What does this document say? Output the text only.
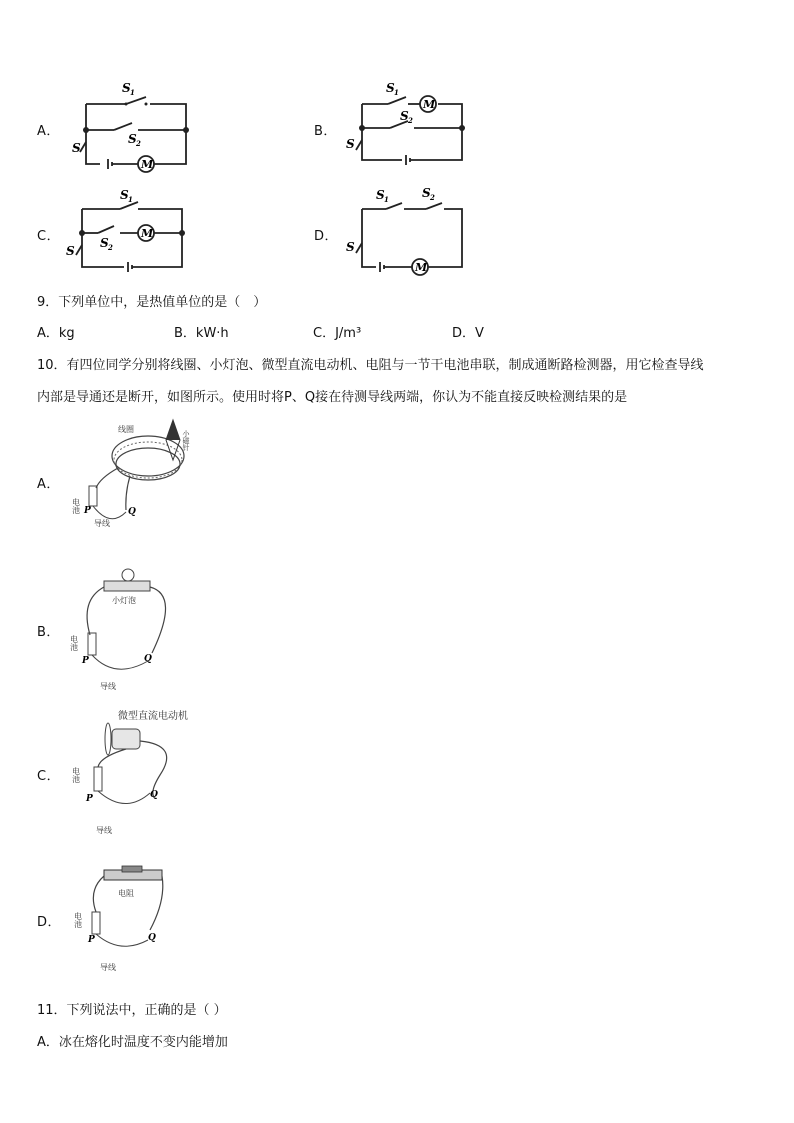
A．
M
S 1
S 2
S
B．
M
S 1
S 2
S
C．	M
S 1
S 2
S
D．
M
S 1	S 2
S
9．下列单位中，是热值单位的是（　）
A．kg	B．kW·h	C．J/m³	D．V
10．有四位同学分别将线圈、小灯泡、微型直流电动机、电阻与一节干电池串联，制成通断路检测器，用它检查导线
内部是导通还是断开，如图所示。使用时将P、Q接在待测导线两端，你认为不能直接反映检测结果的是
A．
线圈
小磁针
电池 P	Q
导线
B．
小灯泡
电池
P	Q
导线
C．
微型直流电动机
电池
P	Q
导线
D．
电阻
电池
P	Q
导线
11．下列说法中，正确的是（ ）
A．冰在熔化时温度不变内能增加
